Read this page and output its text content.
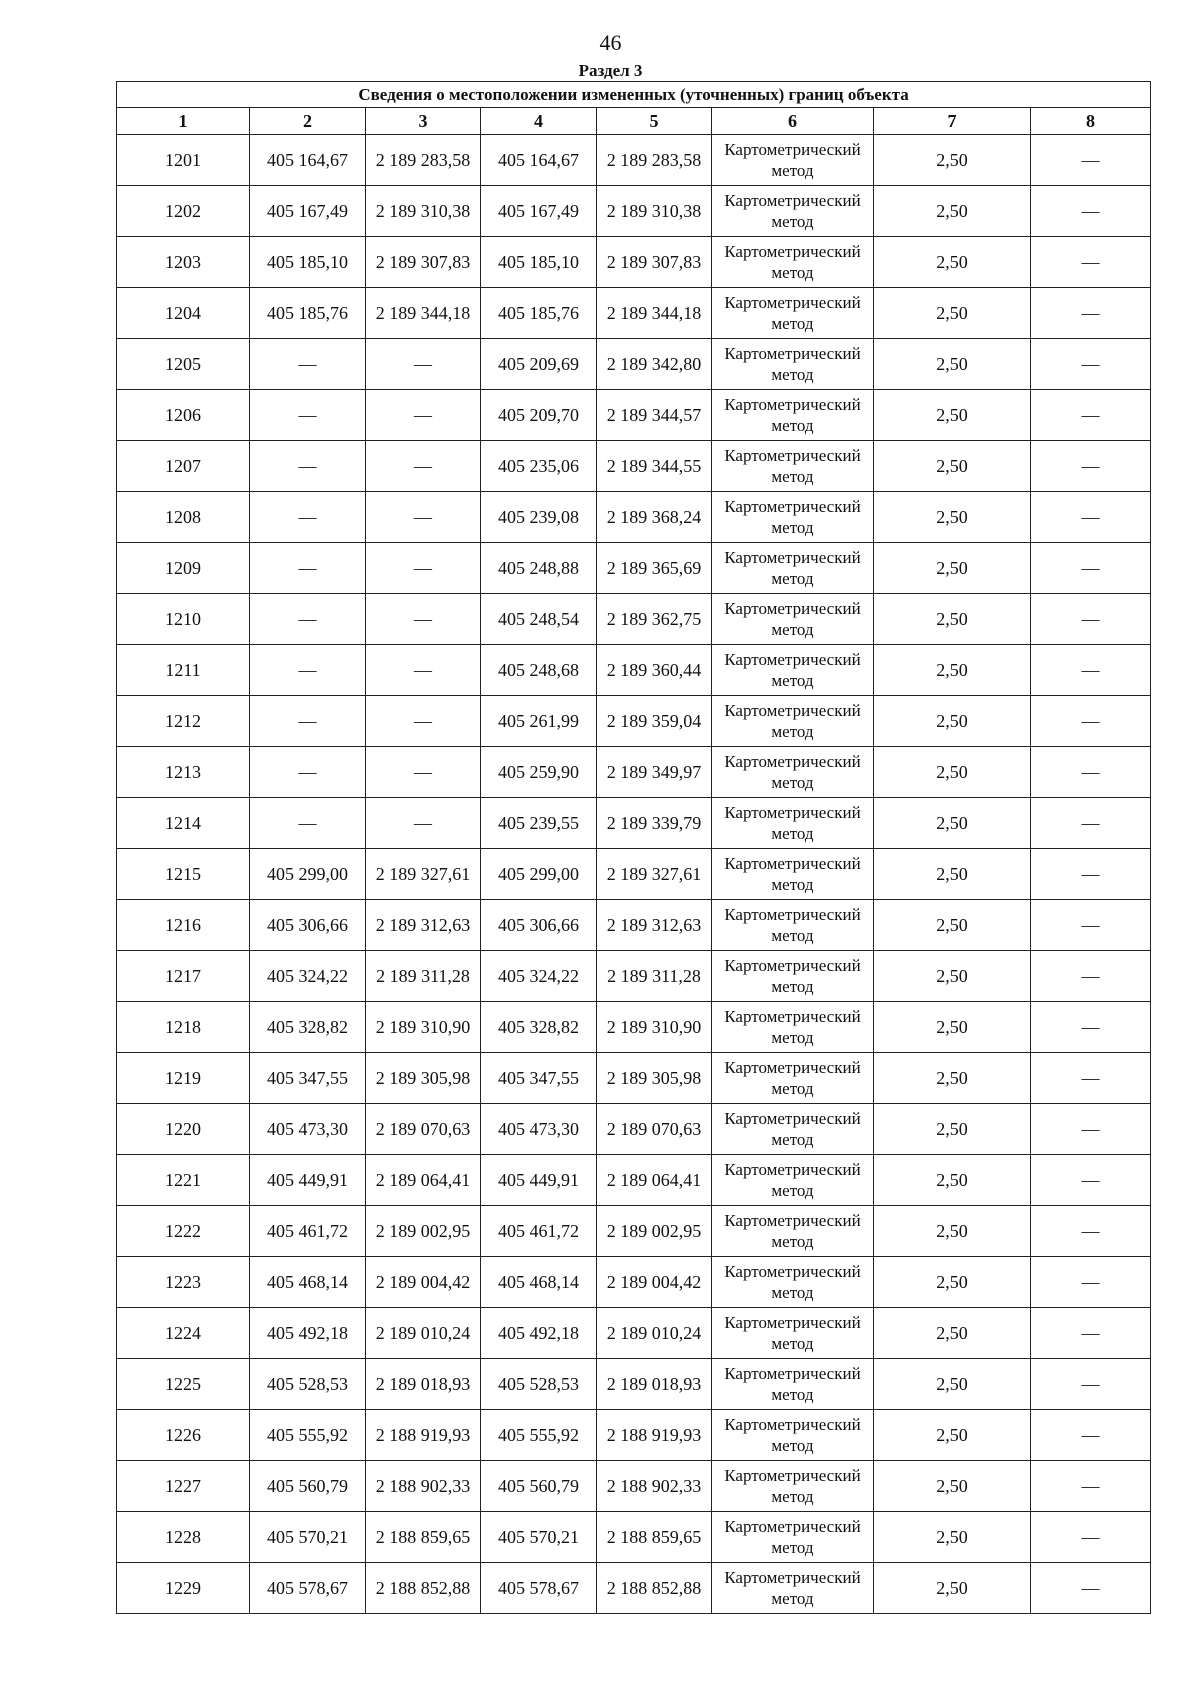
46
Раздел 3
Сведения о местоположении измененных (уточненных) границ объекта							
1	2	3	4	5	6	7	8
1201	405 164,67	2 189 283,58	405 164,67	2 189 283,58	Картометрический метод	2,50	—
1202	405 167,49	2 189 310,38	405 167,49	2 189 310,38	Картометрический метод	2,50	—
1203	405 185,10	2 189 307,83	405 185,10	2 189 307,83	Картометрический метод	2,50	—
1204	405 185,76	2 189 344,18	405 185,76	2 189 344,18	Картометрический метод	2,50	—
1205	—	—	405 209,69	2 189 342,80	Картометрический метод	2,50	—
1206	—	—	405 209,70	2 189 344,57	Картометрический метод	2,50	—
1207	—	—	405 235,06	2 189 344,55	Картометрический метод	2,50	—
1208	—	—	405 239,08	2 189 368,24	Картометрический метод	2,50	—
1209	—	—	405 248,88	2 189 365,69	Картометрический метод	2,50	—
1210	—	—	405 248,54	2 189 362,75	Картометрический метод	2,50	—
1211	—	—	405 248,68	2 189 360,44	Картометрический метод	2,50	—
1212	—	—	405 261,99	2 189 359,04	Картометрический метод	2,50	—
1213	—	—	405 259,90	2 189 349,97	Картометрический метод	2,50	—
1214	—	—	405 239,55	2 189 339,79	Картометрический метод	2,50	—
1215	405 299,00	2 189 327,61	405 299,00	2 189 327,61	Картометрический метод	2,50	—
1216	405 306,66	2 189 312,63	405 306,66	2 189 312,63	Картометрический метод	2,50	—
1217	405 324,22	2 189 311,28	405 324,22	2 189 311,28	Картометрический метод	2,50	—
1218	405 328,82	2 189 310,90	405 328,82	2 189 310,90	Картометрический метод	2,50	—
1219	405 347,55	2 189 305,98	405 347,55	2 189 305,98	Картометрический метод	2,50	—
1220	405 473,30	2 189 070,63	405 473,30	2 189 070,63	Картометрический метод	2,50	—
1221	405 449,91	2 189 064,41	405 449,91	2 189 064,41	Картометрический метод	2,50	—
1222	405 461,72	2 189 002,95	405 461,72	2 189 002,95	Картометрический метод	2,50	—
1223	405 468,14	2 189 004,42	405 468,14	2 189 004,42	Картометрический метод	2,50	—
1224	405 492,18	2 189 010,24	405 492,18	2 189 010,24	Картометрический метод	2,50	—
1225	405 528,53	2 189 018,93	405 528,53	2 189 018,93	Картометрический метод	2,50	—
1226	405 555,92	2 188 919,93	405 555,92	2 188 919,93	Картометрический метод	2,50	—
1227	405 560,79	2 188 902,33	405 560,79	2 188 902,33	Картометрический метод	2,50	—
1228	405 570,21	2 188 859,65	405 570,21	2 188 859,65	Картометрический метод	2,50	—
1229	405 578,67	2 188 852,88	405 578,67	2 188 852,88	Картометрический метод	2,50	—
